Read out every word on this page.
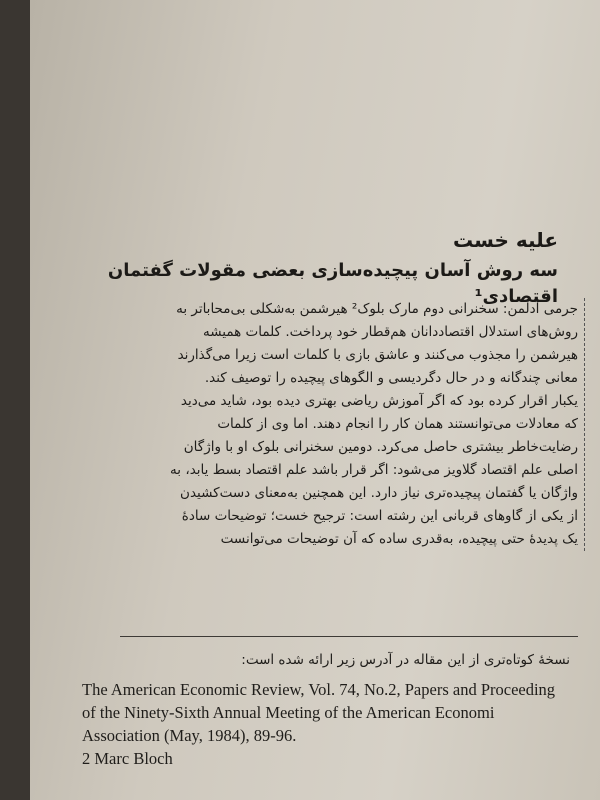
علیه خست
سه روش آسان پیچیده‌سازی بعضی مقولات گفتمان اقتصادی¹

جرمی آدلمن: سخنرانی دوم مارک بلوک² هیرشمن به‌شکلی بی‌محاباتر به

روش‌های استدلال اقتصاددانان هم‌قطار خود پرداخت. کلمات همیشه

هیرشمن را مجذوب می‌کنند و عاشق بازی با کلمات است زیرا می‌گذارند

معانی چندگانه و در حال دگردیسی و الگوهای پیچیده را توصیف کند.

یکبار اقرار کرده بود که اگر آموزش ریاضی بهتری دیده بود، شاید می‌دید

که معادلات می‌توانستند همان کار را انجام دهند. اما وی از کلمات

رضایت‌خاطر بیشتری حاصل می‌کرد. دومین سخنرانی بلوک او با واژگان

اصلی علم اقتصاد گلاویز می‌شود: اگر قرار باشد علم اقتصاد بسط یابد، به

واژگان یا گفتمان پیچیده‌تری نیاز دارد. این همچنین به‌معنای دست‌کشیدن

از یکی از گاوهای قربانی این رشته است: ترجیح خست؛ توضیحات سادهٔ

یک پدیدهٔ حتی پیچیده، به‌قدری ساده که آن توضیحات می‌توانست

نسخهٔ کوتاه‌تری از این مقاله در آدرس زیر ارائه شده است:

The American Economic Review, Vol. 74, No.2, Papers and Proceeding

of the Ninety-Sixth Annual Meeting of the American Economi

Association (May, 1984), 89-96.

2 Marc Bloch
